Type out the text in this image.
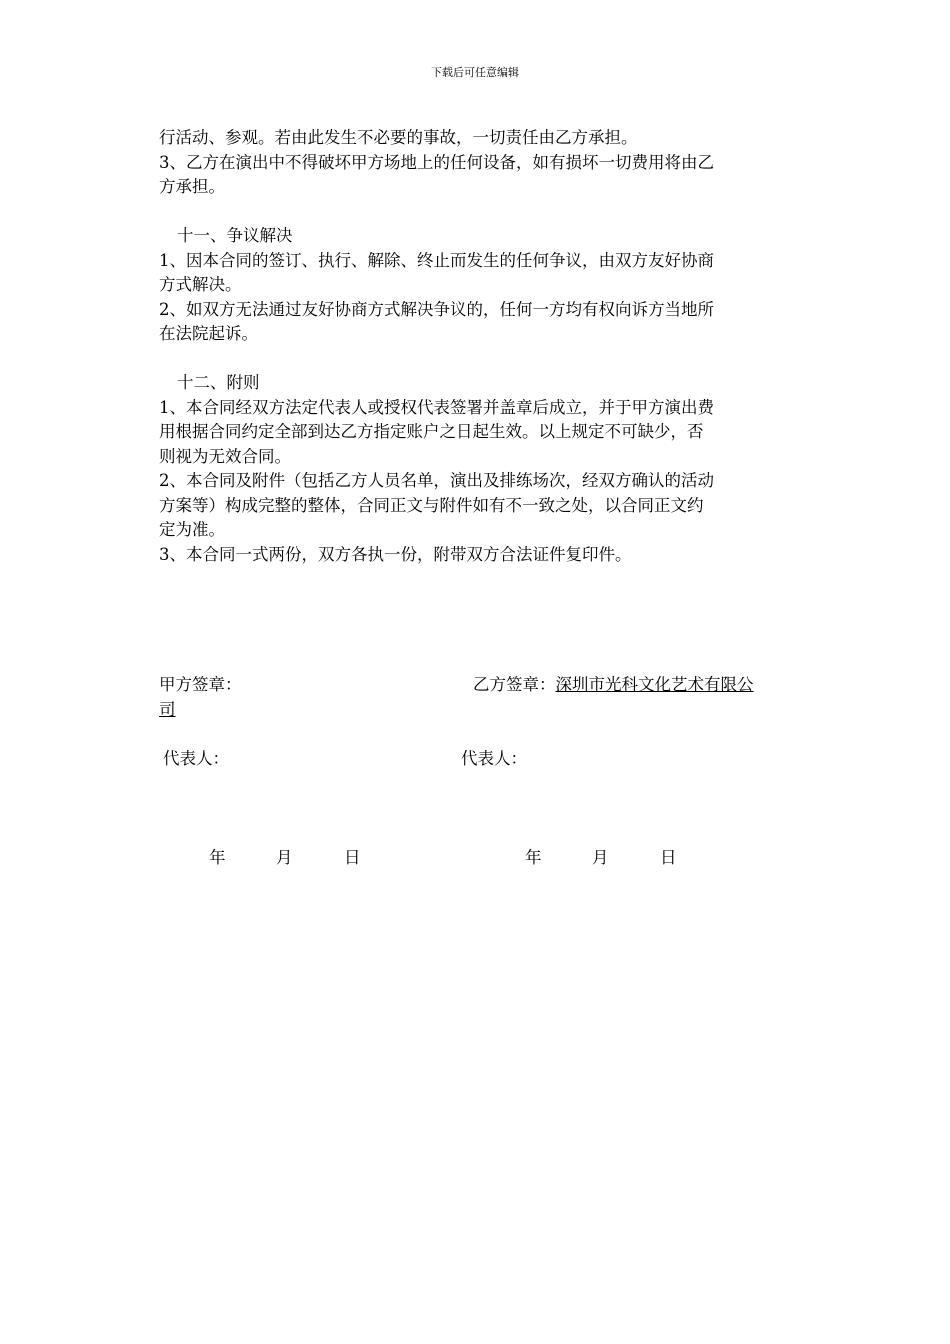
下载后可任意编辑

行活动、参观。若由此发生不必要的事故，一切责任由乙方承担。

3、乙方在演出中不得破坏甲方场地上的任何设备，如有损坏一切费用将由乙

方承担。

十一、争议解决

1、因本合同的签订、执行、解除、终止而发生的任何争议，由双方友好协商

方式解决。

2、如双方无法通过友好协商方式解决争议的，任何一方均有权向诉方当地所

在法院起诉。

十二、附则

1、本合同经双方法定代表人或授权代表签署并盖章后成立，并于甲方演出费

用根据合同约定全部到达乙方指定账户之日起生效。以上规定不可缺少，否

则视为无效合同。

2、本合同及附件（包括乙方人员名单，演出及排练场次，经双方确认的活动

方案等）构成完整的整体，合同正文与附件如有不一致之处，以合同正文约

定为准。

3、本合同一式两份，双方各执一份，附带双方合法证件复印件。

甲方签章：	乙方签章：深圳市光科文化艺术有限公
司
代表人：	代表人：
年	月	日	年	月	日
